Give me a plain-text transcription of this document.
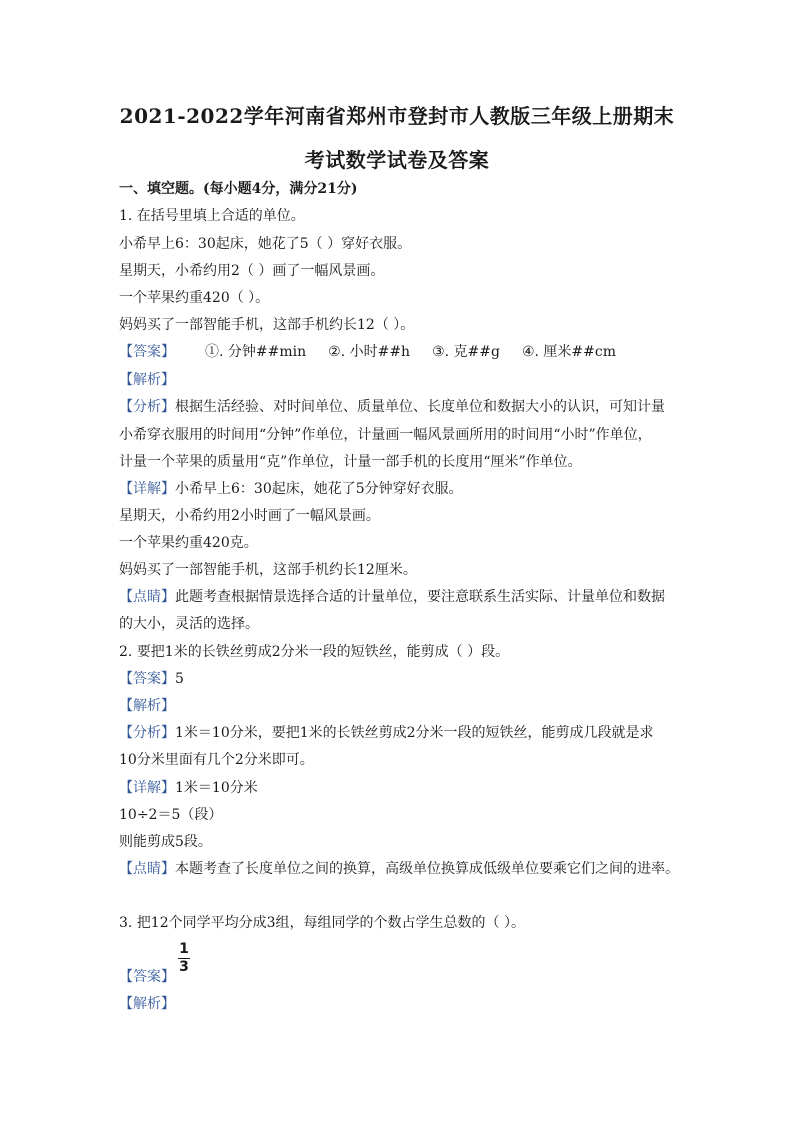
2021-2022学年河南省郑州市登封市人教版三年级上册期末
考试数学试卷及答案
一、填空题。(每小题4分，满分21分)
1. 在括号里填上合适的单位。
小希早上6：30起床，她花了5（ ）穿好衣服。
星期天，小希约用2（ ）画了一幅风景画。
一个苹果约重420（ ）。
妈妈买了一部智能手机，这部手机约长12（ ）。
【答案】 ①. 分钟##min ②. 小时##h ③. 克##g ④. 厘米##cm
【解析】
【分析】根据生活经验、对时间单位、质量单位、长度单位和数据大小的认识，可知计量
小希穿衣服用的时间用“分钟”作单位，计量画一幅风景画所用的时间用“小时”作单位，
计量一个苹果的质量用“克”作单位，计量一部手机的长度用“厘米”作单位。
【详解】小希早上6：30起床，她花了5分钟穿好衣服。
星期天，小希约用2小时画了一幅风景画。
一个苹果约重420克。
妈妈买了一部智能手机，这部手机约长12厘米。
【点睛】此题考查根据情景选择合适的计量单位，要注意联系生活实际、计量单位和数据
的大小，灵活的选择。
2. 要把1米的长铁丝剪成2分米一段的短铁丝，能剪成（ ）段。
【答案】5
【解析】
【分析】1米＝10分米，要把1米的长铁丝剪成2分米一段的短铁丝，能剪成几段就是求
10分米里面有几个2分米即可。
【详解】1米＝10分米
10÷2＝5（段）
则能剪成5段。
【点睛】本题考查了长度单位之间的换算，高级单位换算成低级单位要乘它们之间的进率。
3. 把12个同学平均分成3组，每组同学的个数占学生总数的（ ）。
【答案】
1
3
【解析】
